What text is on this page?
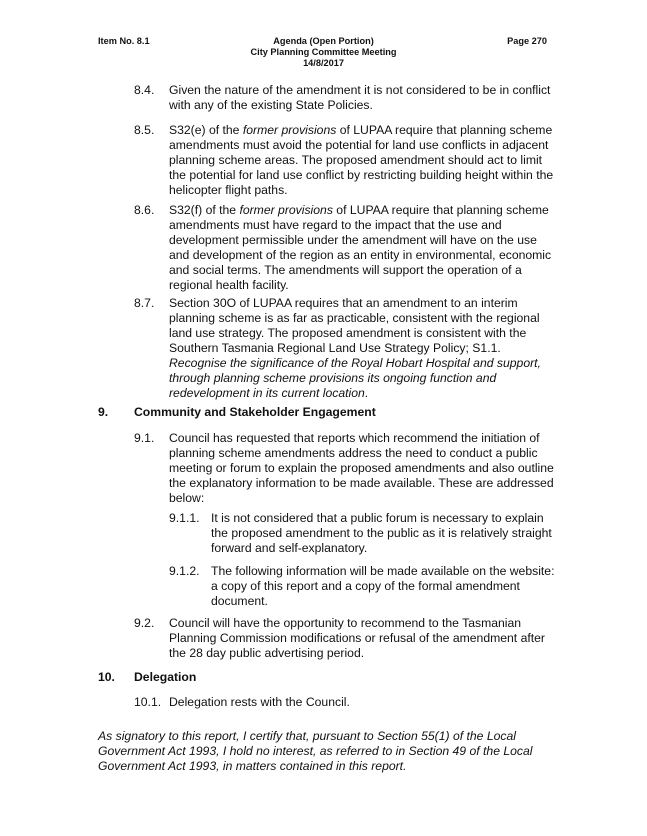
Item No. 8.1	Agenda (Open Portion)
City Planning Committee Meeting
14/8/2017
Page 270
8.4. Given the nature of the amendment it is not considered to be in conflict with any of the existing State Policies.
8.5. S32(e) of the former provisions of LUPAA require that planning scheme amendments must avoid the potential for land use conflicts in adjacent planning scheme areas. The proposed amendment should act to limit the potential for land use conflict by restricting building height within the helicopter flight paths.
8.6. S32(f) of the former provisions of LUPAA require that planning scheme amendments must have regard to the impact that the use and development permissible under the amendment will have on the use and development of the region as an entity in environmental, economic and social terms. The amendments will support the operation of a regional health facility.
8.7. Section 30O of LUPAA requires that an amendment to an interim planning scheme is as far as practicable, consistent with the regional land use strategy. The proposed amendment is consistent with the Southern Tasmania Regional Land Use Strategy Policy; S1.1. Recognise the significance of the Royal Hobart Hospital and support, through planning scheme provisions its ongoing function and redevelopment in its current location.
9. Community and Stakeholder Engagement
9.1. Council has requested that reports which recommend the initiation of planning scheme amendments address the need to conduct a public meeting or forum to explain the proposed amendments and also outline the explanatory information to be made available. These are addressed below:
9.1.1. It is not considered that a public forum is necessary to explain the proposed amendment to the public as it is relatively straight forward and self-explanatory.
9.1.2. The following information will be made available on the website: a copy of this report and a copy of the formal amendment document.
9.2. Council will have the opportunity to recommend to the Tasmanian Planning Commission modifications or refusal of the amendment after the 28 day public advertising period.
10. Delegation
10.1. Delegation rests with the Council.
As signatory to this report, I certify that, pursuant to Section 55(1) of the Local Government Act 1993, I hold no interest, as referred to in Section 49 of the Local Government Act 1993, in matters contained in this report.
